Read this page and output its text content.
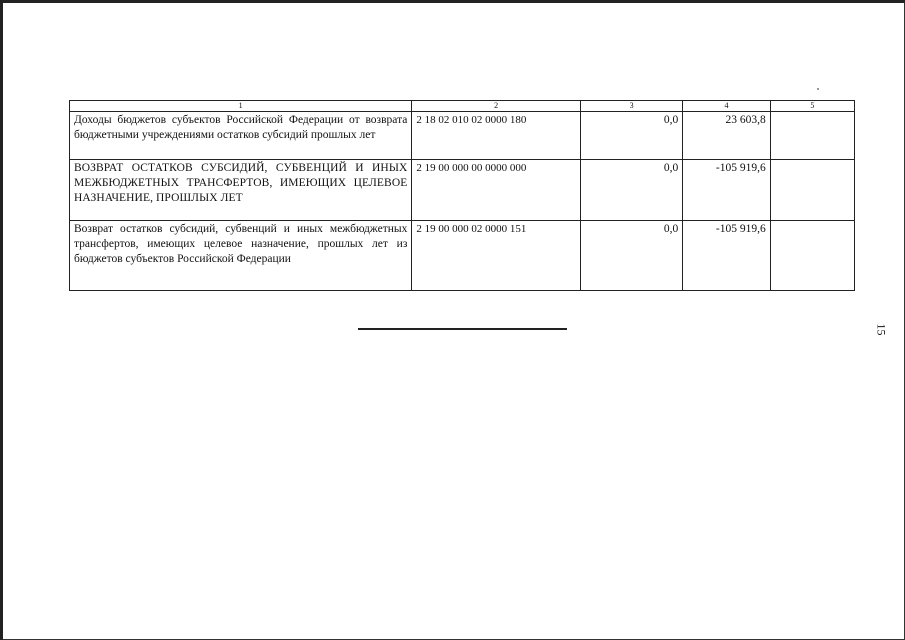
1	2	3	4	5
Доходы бюджетов субъектов Российской Федерации от возврата бюджетными учреждениями остатков субсидий прошлых лет	2 18 02 010 02 0000 180	0,0	23 603,8	
ВОЗВРАТ ОСТАТКОВ СУБСИДИЙ, СУБВЕНЦИЙ И ИНЫХ МЕЖБЮДЖЕТНЫХ ТРАНСФЕРТОВ, ИМЕЮЩИХ ЦЕЛЕВОЕ НАЗНАЧЕНИЕ, ПРОШЛЫХ ЛЕТ	2 19 00 000 00 0000 000	0,0	-105 919,6	
Возврат остатков субсидий, субвенций и иных межбюджетных трансфертов, имеющих целевое назначение, прошлых лет из бюджетов субъектов Российской Федерации	2 19 00 000 02 0000 151	0,0	-105 919,6	
15
